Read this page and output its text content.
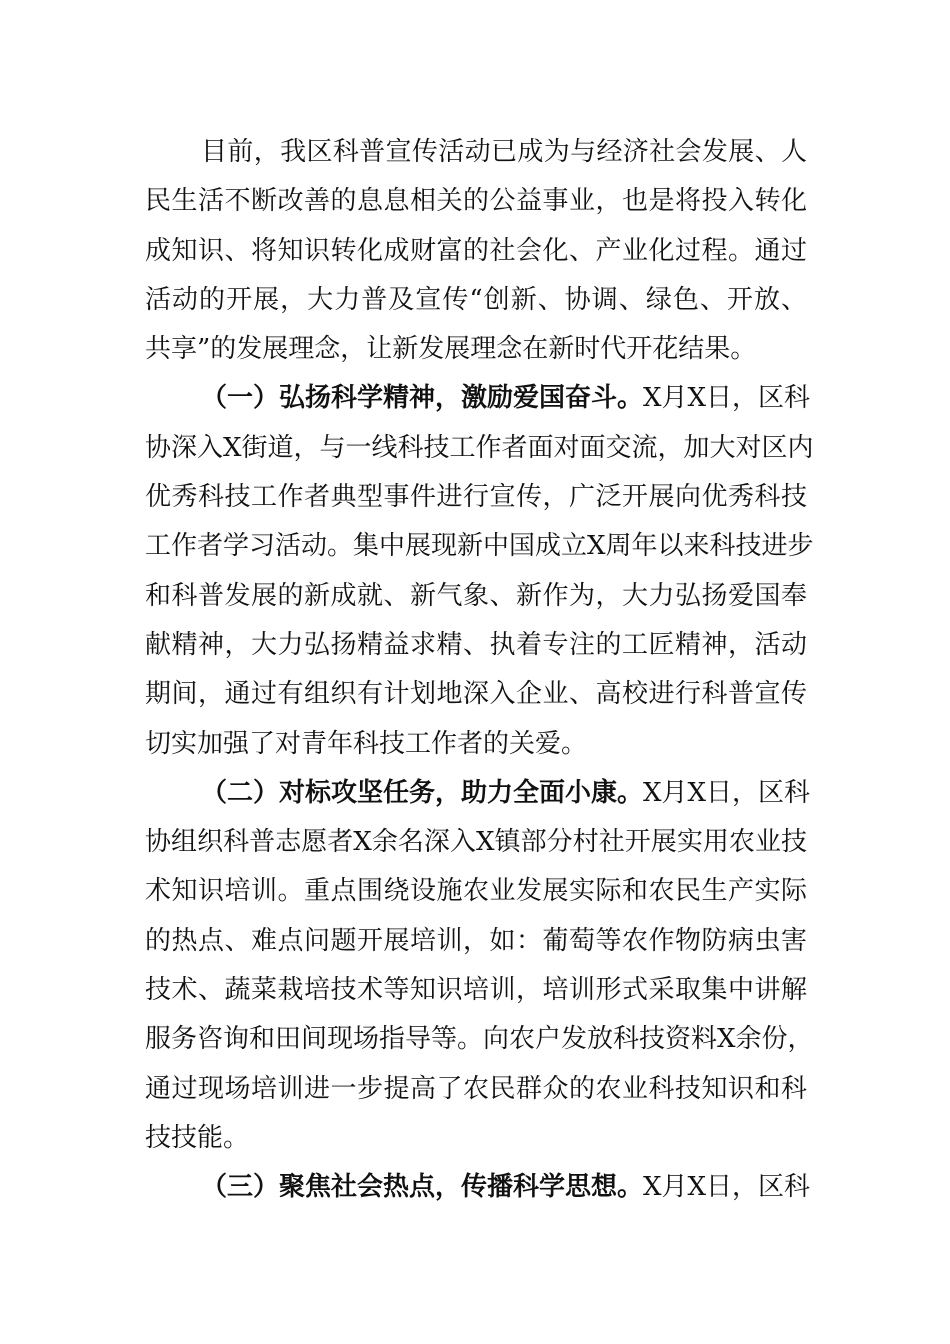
目前，我区科普宣传活动已成为与经济社会发展、人
民生活不断改善的息息相关的公益事业，也是将投入转化
成知识、将知识转化成财富的社会化、产业化过程。通过
活动的开展，大力普及宣传“创新、协调、绿色、开放、
共享”的发展理念，让新发展理念在新时代开花结果。
（一）弘扬科学精神，激励爱国奋斗。X月X日，区科
协深入X街道，与一线科技工作者面对面交流，加大对区内
优秀科技工作者典型事件进行宣传，广泛开展向优秀科技
工作者学习活动。集中展现新中国成立X周年以来科技进步
和科普发展的新成就、新气象、新作为，大力弘扬爱国奉
献精神，大力弘扬精益求精、执着专注的工匠精神，活动
期间，通过有组织有计划地深入企业、高校进行科普宣传
切实加强了对青年科技工作者的关爱。
（二）对标攻坚任务，助力全面小康。X月X日，区科
协组织科普志愿者X余名深入X镇部分村社开展实用农业技
术知识培训。重点围绕设施农业发展实际和农民生产实际
的热点、难点问题开展培训，如：葡萄等农作物防病虫害
技术、蔬菜栽培技术等知识培训，培训形式采取集中讲解
服务咨询和田间现场指导等。向农户发放科技资料X余份，
通过现场培训进一步提高了农民群众的农业科技知识和科
技技能。
（三）聚焦社会热点，传播科学思想。X月X日，区科
